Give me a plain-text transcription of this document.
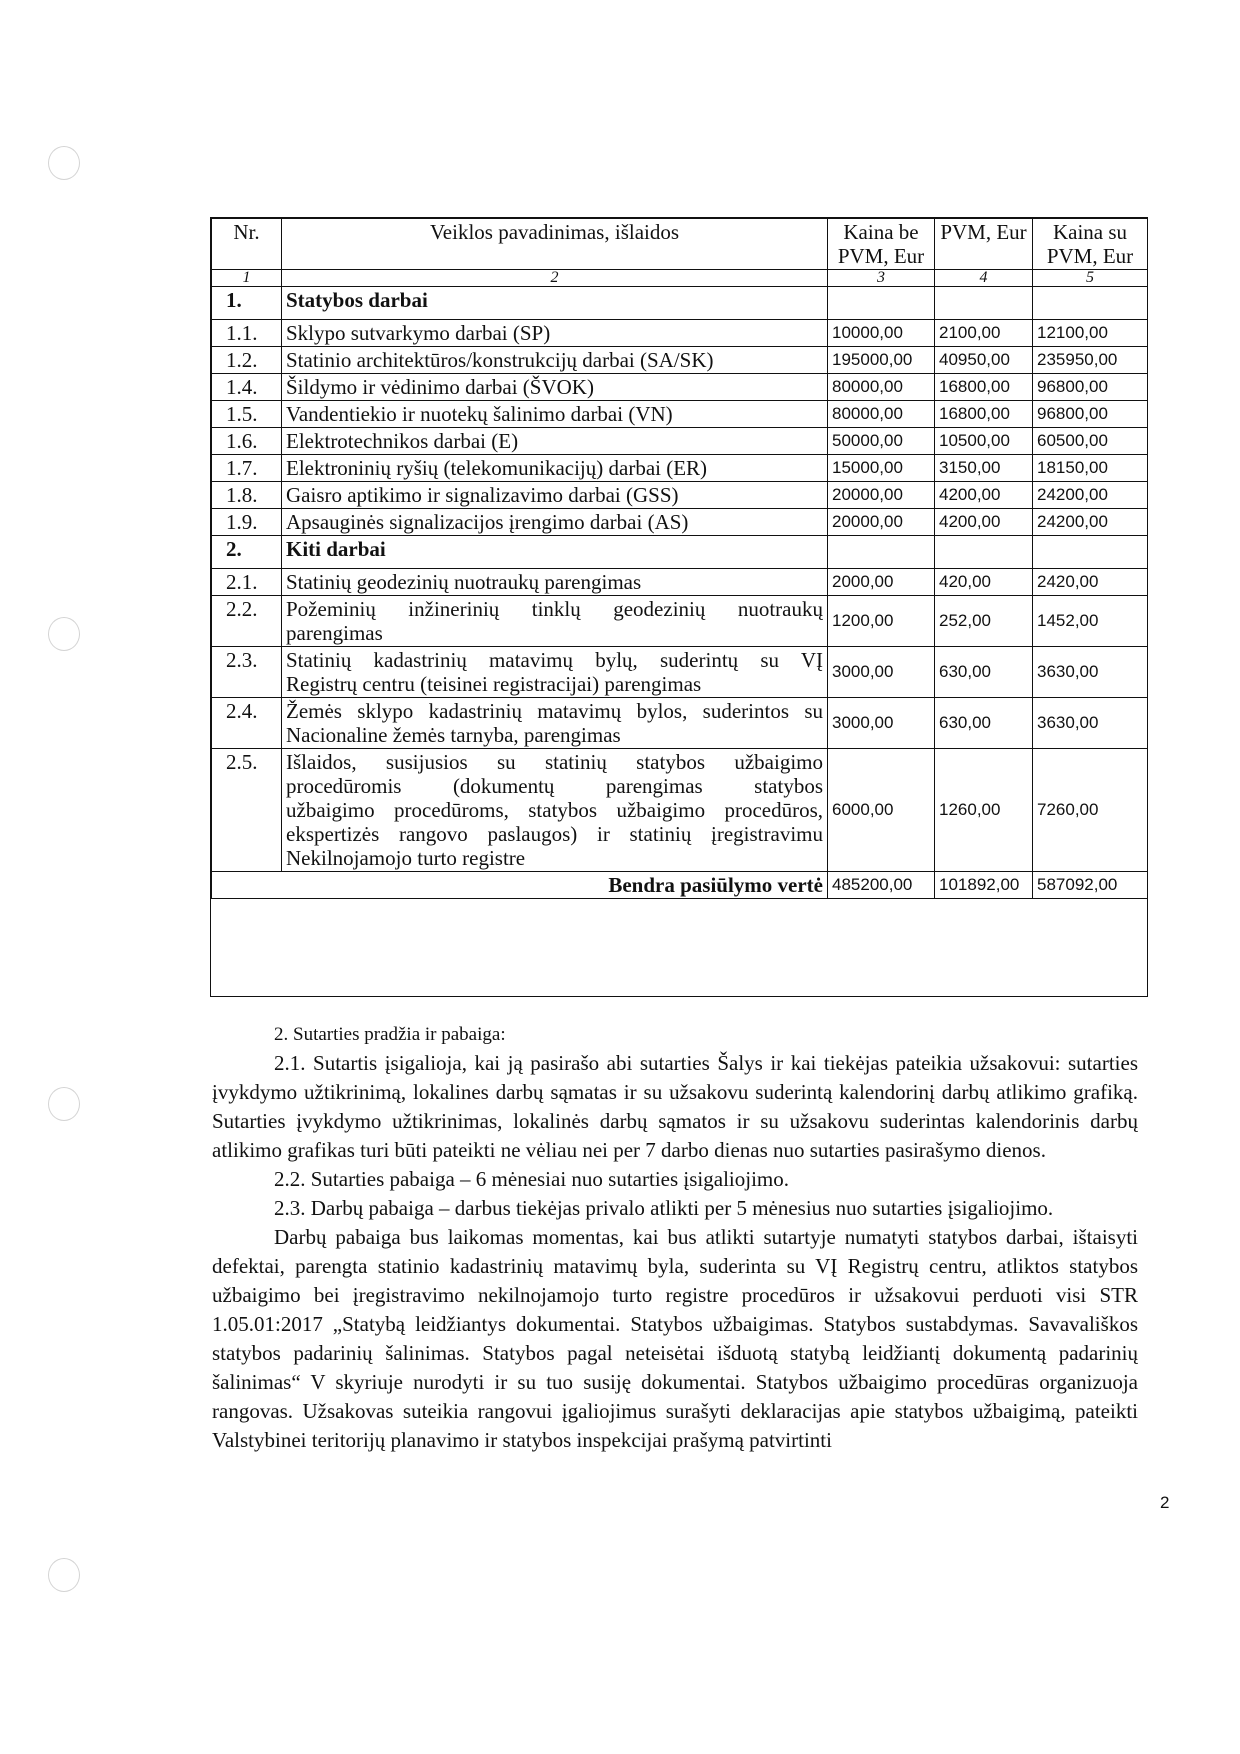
Nr.	Veiklos pavadinimas, išlaidos	Kaina be PVM, Eur	PVM, Eur	Kaina su PVM, Eur
1	2	3	4	5
1.	Statybos darbai			
1.1.	Sklypo sutvarkymo darbai (SP)	10000,00	2100,00	12100,00
1.2.	Statinio architektūros/konstrukcijų darbai (SA/SK)	195000,00	40950,00	235950,00
1.4.	Šildymo ir vėdinimo darbai (ŠVOK)	80000,00	16800,00	96800,00
1.5.	Vandentiekio ir nuotekų šalinimo darbai (VN)	80000,00	16800,00	96800,00
1.6.	Elektrotechnikos darbai (E)	50000,00	10500,00	60500,00
1.7.	Elektroninių ryšių (telekomunikacijų) darbai (ER)	15000,00	3150,00	18150,00
1.8.	Gaisro aptikimo ir signalizavimo darbai (GSS)	20000,00	4200,00	24200,00
1.9.	Apsauginės signalizacijos įrengimo darbai (AS)	20000,00	4200,00	24200,00
2.	Kiti darbai			
2.1.	Statinių geodezinių nuotraukų parengimas	2000,00	420,00	2420,00
2.2.	Požeminių inžinerinių tinklų geodezinių nuotraukų
parengimas	1200,00	252,00	1452,00
2.3.	Statinių kadastrinių matavimų bylų, suderintų su VĮ
Registrų centru (teisinei registracijai) parengimas	3000,00	630,00	3630,00
2.4.	Žemės sklypo kadastrinių matavimų bylos, suderintos su
Nacionaline žemės tarnyba, parengimas	3000,00	630,00	3630,00
2.5.	Išlaidos, susijusios su statinių statybos užbaigimo
procedūromis (dokumentų parengimas statybos
užbaigimo procedūroms, statybos užbaigimo procedūros,
ekspertizės rangovo paslaugos) ir statinių įregistravimu
Nekilnojamojo turto registre	6000,00	1260,00	7260,00
Bendra pasiūlymo vertė		485200,00	101892,00	587092,00

2. Sutarties pradžia ir pabaiga:

2.1. Sutartis įsigalioja, kai ją pasirašo abi sutarties Šalys ir kai tiekėjas pateikia užsakovui: sutarties įvykdymo užtikrinimą, lokalines darbų sąmatas ir su užsakovu suderintą kalendorinį darbų atlikimo grafiką. Sutarties įvykdymo užtikrinimas, lokalinės darbų sąmatos ir su užsakovu suderintas kalendorinis darbų atlikimo grafikas turi būti pateikti ne vėliau nei per 7 darbo dienas nuo sutarties pasirašymo dienos.

2.2. Sutarties pabaiga – 6 mėnesiai nuo sutarties įsigaliojimo.

2.3. Darbų pabaiga – darbus tiekėjas privalo atlikti per 5 mėnesius nuo sutarties įsigaliojimo.

Darbų pabaiga bus laikomas momentas, kai bus atlikti sutartyje numatyti statybos darbai, ištaisyti defektai, parengta statinio kadastrinių matavimų byla, suderinta su VĮ Registrų centru, atliktos statybos užbaigimo bei įregistravimo nekilnojamojo turto registre procedūros ir užsakovui perduoti visi STR 1.05.01:2017 „Statybą leidžiantys dokumentai. Statybos užbaigimas. Statybos sustabdymas. Savavališkos statybos padarinių šalinimas. Statybos pagal neteisėtai išduotą statybą leidžiantį dokumentą padarinių šalinimas“ V skyriuje nurodyti ir su tuo susiję dokumentai. Statybos užbaigimo procedūras organizuoja rangovas. Užsakovas suteikia rangovui įgaliojimus surašyti deklaracijas apie statybos užbaigimą, pateikti Valstybinei teritorijų planavimo ir statybos inspekcijai prašymą patvirtinti

2
